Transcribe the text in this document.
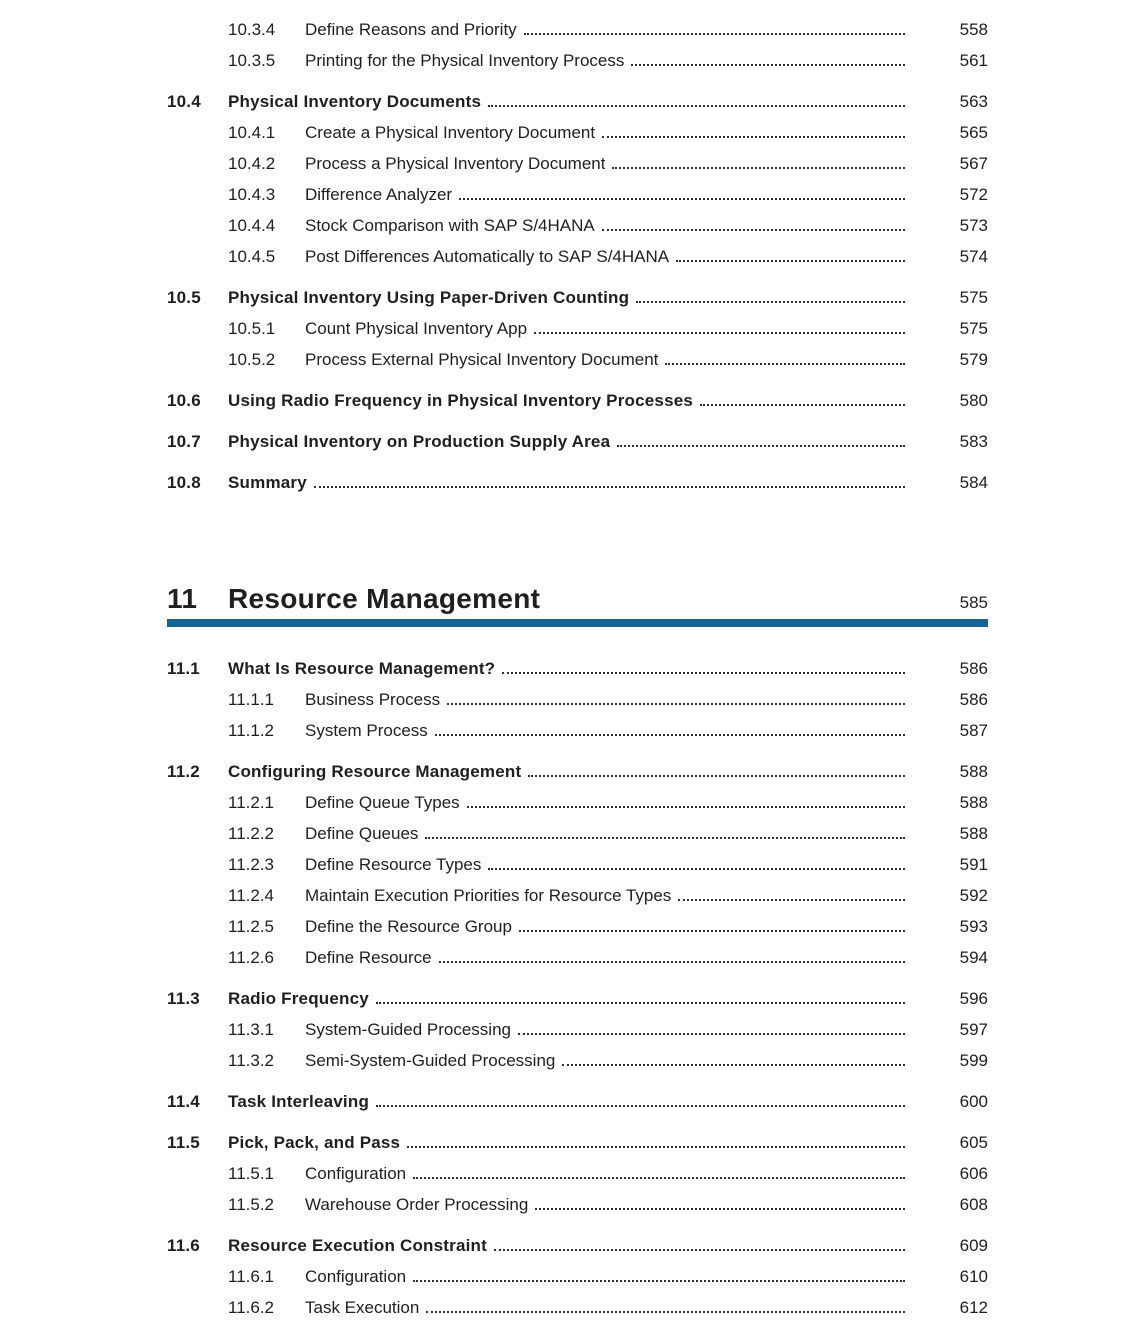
10.3.4	Define Reasons and Priority	558
10.3.5	Printing for the Physical Inventory Process	561
10.4	Physical Inventory Documents	563
10.4.1	Create a Physical Inventory Document	565
10.4.2	Process a Physical Inventory Document	567
10.4.3	Difference Analyzer	572
10.4.4	Stock Comparison with SAP S/4HANA	573
10.4.5	Post Differences Automatically to SAP S/4HANA	574
10.5	Physical Inventory Using Paper-Driven Counting	575
10.5.1	Count Physical Inventory App	575
10.5.2	Process External Physical Inventory Document	579
10.6	Using Radio Frequency in Physical Inventory Processes	580
10.7	Physical Inventory on Production Supply Area	583
10.8	Summary	584
11	Resource Management	585
11.1	What Is Resource Management?	586
11.1.1	Business Process	586
11.1.2	System Process	587
11.2	Configuring Resource Management	588
11.2.1	Define Queue Types	588
11.2.2	Define Queues	588
11.2.3	Define Resource Types	591
11.2.4	Maintain Execution Priorities for Resource Types	592
11.2.5	Define the Resource Group	593
11.2.6	Define Resource	594
11.3	Radio Frequency	596
11.3.1	System-Guided Processing	597
11.3.2	Semi-System-Guided Processing	599
11.4	Task Interleaving	600
11.5	Pick, Pack, and Pass	605
11.5.1	Configuration	606
11.5.2	Warehouse Order Processing	608
11.6	Resource Execution Constraint	609
11.6.1	Configuration	610
11.6.2	Task Execution	612
